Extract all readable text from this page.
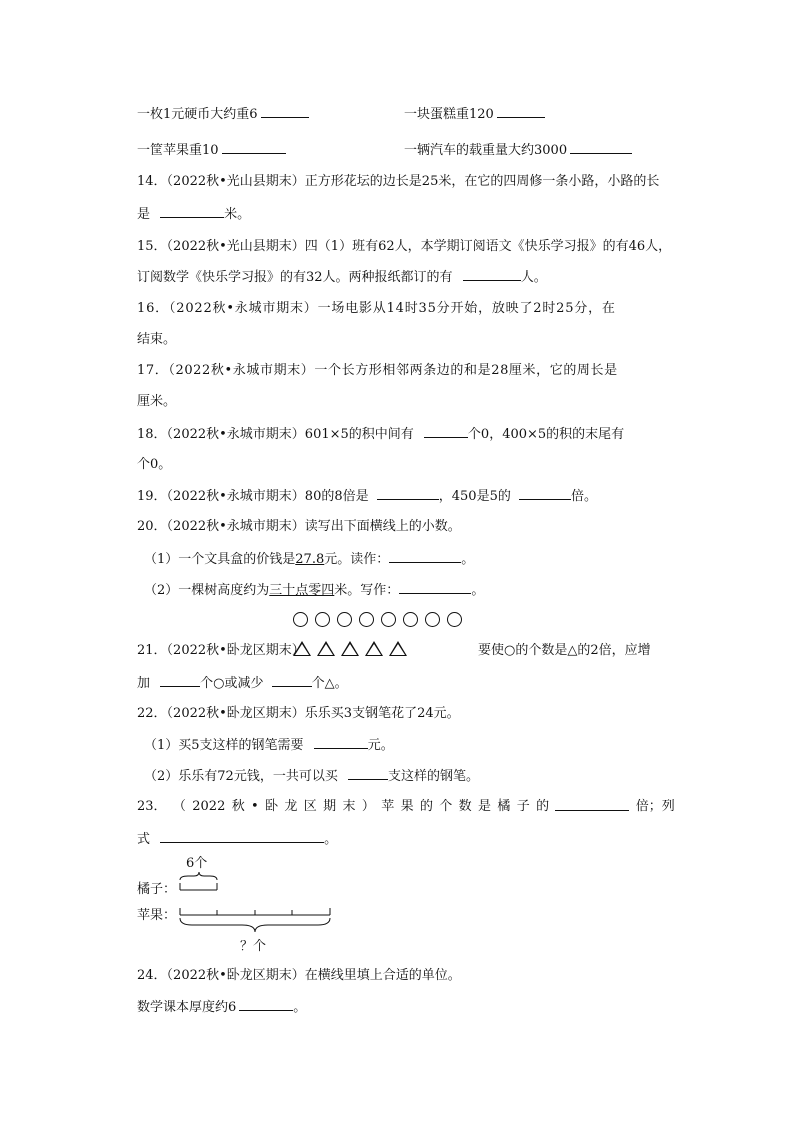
一枚1元硬币大约重6	一块蛋糕重120
一筐苹果重10	一辆汽车的载重量大约3000
14．（2022秋•光山县期末）正方形花坛的边长是25米，在它的四周修一条小路，小路的长
是	米。
15．（2022秋•光山县期末）四（1）班有62人，本学期订阅语文《快乐学习报》的有46人，
订阅数学《快乐学习报》的有32人。两种报纸都订的有	人。
16．（2022秋•永城市期末）一场电影从14时35分开始，放映了2时25分，在
结束。
17．（2022秋•永城市期末）一个长方形相邻两条边的和是28厘米，它的周长是
厘米。
18．（2022秋•永城市期末）601×5的积中间有	个0，400×5的积的末尾有
个0。
19．（2022秋•永城市期末）80的8倍是	，450是5的	倍。
20．（2022秋•永城市期末）读写出下面横线上的小数。
（1）一个文具盒的价钱是27.8元。读作：	。
（2）一棵树高度约为三十点零四米。写作：	。
21．（2022秋•卧龙区期末）	要使○的个数是△的2倍，应增
加	个○或减少	个△。
22．（2022秋•卧龙区期末）乐乐买3支钢笔花了24元。
（1）买5支这样的钢笔需要	元。
（2）乐乐有72元钱，一共可以买	支这样的钢笔。
23． （ 2022 秋 • 卧 龙 区 期 末 ） 苹 果 的 个 数 是 橘 子 的	倍；列
式	。
6个
橘子：
苹果：
？个
24．（2022秋•卧龙区期末）在横线里填上合适的单位。
数学课本厚度约6	。
